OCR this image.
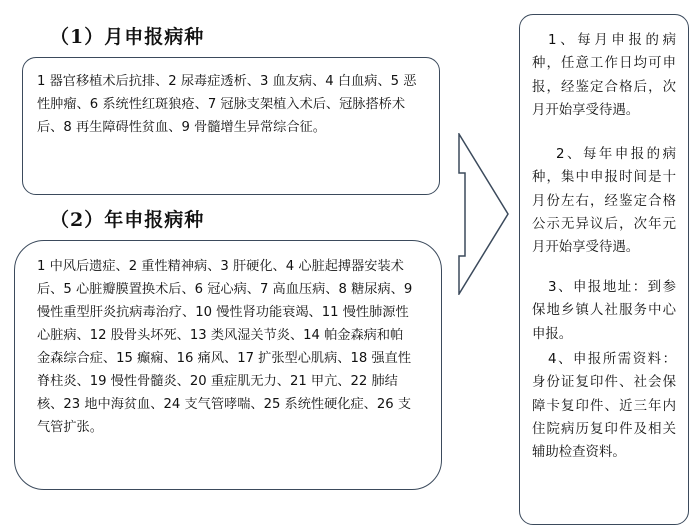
（1）月申报病种
1 器官移植术后抗排、2 尿毒症透析、3 血友病、4 白血病、5 恶性肿瘤、6 系统性红斑狼疮、7 冠脉支架植入术后、冠脉搭桥术后、8 再生障碍性贫血、9 骨髓增生异常综合征。
（2）年申报病种
1 中风后遗症、2 重性精神病、3 肝硬化、4 心脏起搏器安装术后、5 心脏瓣膜置换术后、6 冠心病、7 高血压病、8 糖尿病、9 慢性重型肝炎抗病毒治疗、10 慢性肾功能衰竭、11 慢性肺源性心脏病、12 股骨头坏死、13 类风湿关节炎、14 帕金森病和帕金森综合症、15 癫痫、16 痛风、17 扩张型心肌病、18 强直性脊柱炎、19 慢性骨髓炎、20 重症肌无力、21 甲亢、22 肺结核、23 地中海贫血、24 支气管哮喘、25 系统性硬化症、26 支气管扩张。
1、每月申报的病种，任意工作日均可申报，经鉴定合格后，次月开始享受待遇。
2、每年申报的病种，集中申报时间是十月份左右，经鉴定合格公示无异议后，次年元月开始享受待遇。
3、申报地址：到参保地乡镇人社服务中心申报。
4、申报所需资料：身份证复印件、社会保障卡复印件、近三年内住院病历复印件及相关辅助检查资料。
